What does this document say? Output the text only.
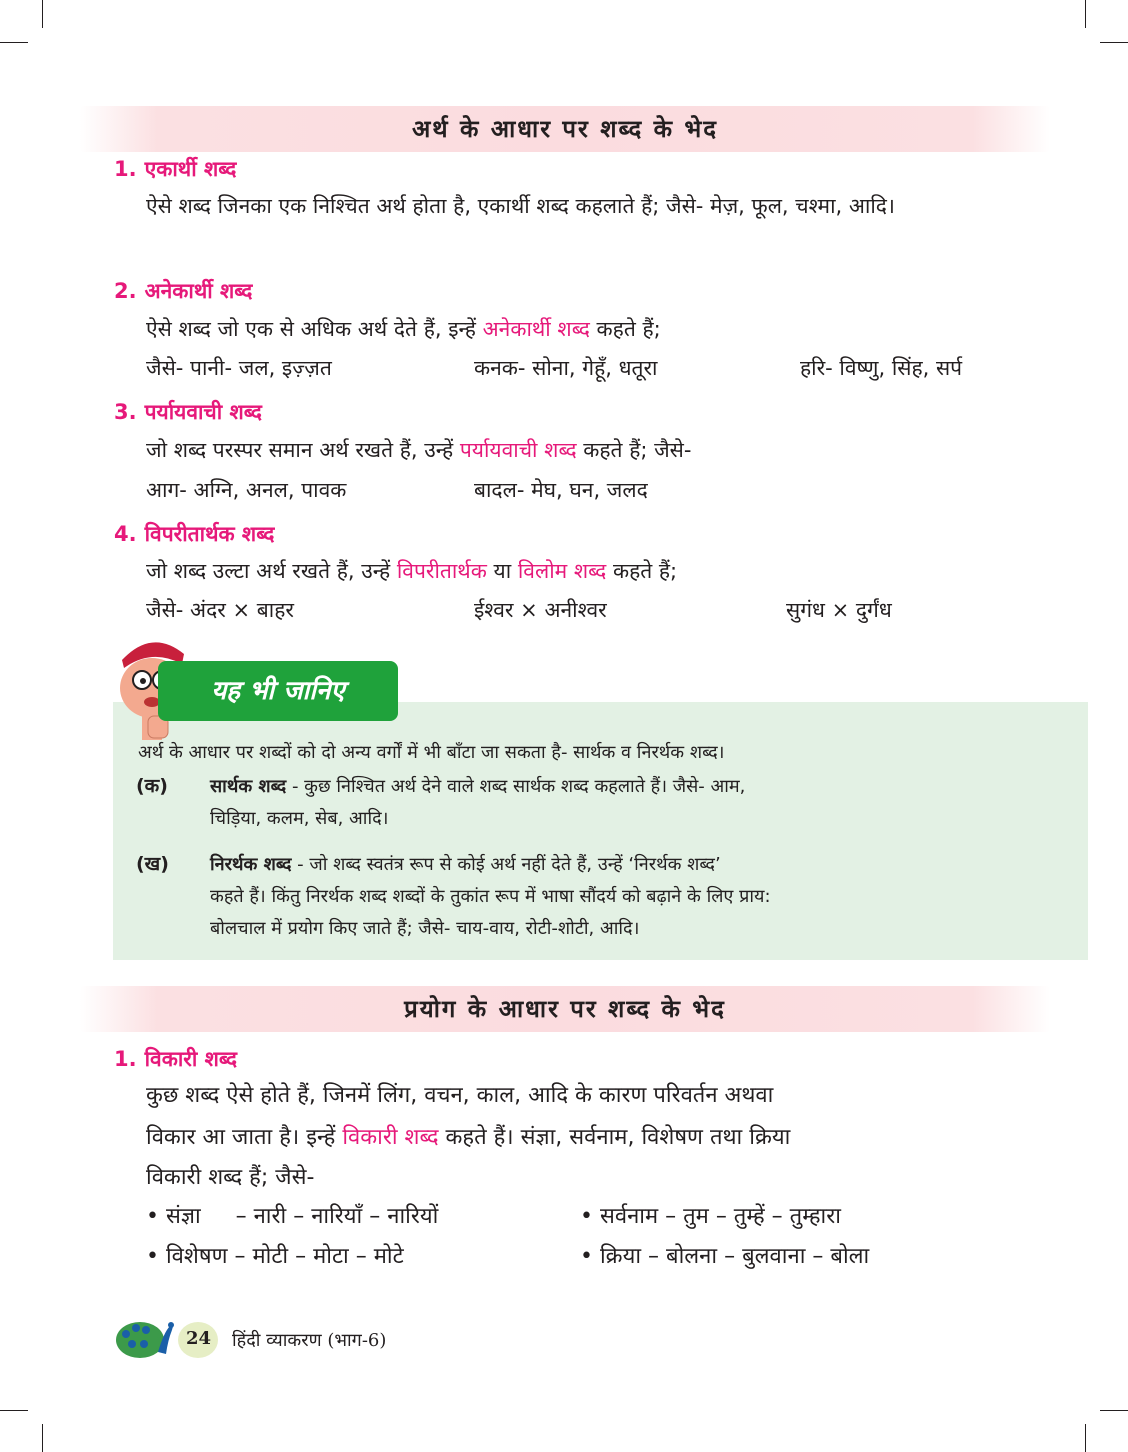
अर्थ के आधार पर शब्द के भेद
1. एकार्थी शब्द
ऐसे शब्द जिनका एक निश्चित अर्थ होता है, एकार्थी शब्द कहलाते हैं; जैसे- मेज़, फूल, चश्मा, आदि।
2. अनेकार्थी शब्द
ऐसे शब्द जो एक से अधिक अर्थ देते हैं, इन्हें अनेकार्थी शब्द कहते हैं;
जैसे- पानी- जल, इज़्ज़त	कनक- सोना, गेहूँ, धतूरा	हरि- विष्णु, सिंह, सर्प
3. पर्यायवाची शब्द
जो शब्द परस्पर समान अर्थ रखते हैं, उन्हें पर्यायवाची शब्द कहते हैं; जैसे-
आग- अग्नि, अनल, पावक	बादल- मेघ, घन, जलद
4. विपरीतार्थक शब्द
जो शब्द उल्टा अर्थ रखते हैं, उन्हें विपरीतार्थक या विलोम शब्द कहते हैं;
जैसे- अंदर × बाहर	ईश्वर × अनीश्वर	सुगंध × दुर्गंध
यह भी जानिए
अर्थ के आधार पर शब्दों को दो अन्य वर्गों में भी बाँटा जा सकता है- सार्थक व निरर्थक शब्द।
(क) सार्थक शब्द - कुछ निश्चित अर्थ देने वाले शब्द सार्थक शब्द कहलाते हैं। जैसे- आम,
चिड़िया, कलम, सेब, आदि।
(ख) निरर्थक शब्द - जो शब्द स्वतंत्र रूप से कोई अर्थ नहीं देते हैं, उन्हें ‘निरर्थक शब्द’
कहते हैं। किंतु निरर्थक शब्द शब्दों के तुकांत रूप में भाषा सौंदर्य को बढ़ाने के लिए प्राय:
बोलचाल में प्रयोग किए जाते हैं; जैसे- चाय-वाय, रोटी-शोटी, आदि।
प्रयोग के आधार पर शब्द के भेद
1. विकारी शब्द
कुछ शब्द ऐसे होते हैं, जिनमें लिंग, वचन, काल, आदि के कारण परिवर्तन अथवा
विकार आ जाता है। इन्हें विकारी शब्द कहते हैं। संज्ञा, सर्वनाम, विशेषण तथा क्रिया
विकारी शब्द हैं; जैसे-
• संज्ञा     – नारी – नारियाँ – नारियों	• सर्वनाम – तुम – तुम्हें – तुम्हारा
• विशेषण – मोटी – मोटा – मोटे	• क्रिया – बोलना – बुलवाना – बोला
24 हिंदी व्याकरण (भाग-6)
